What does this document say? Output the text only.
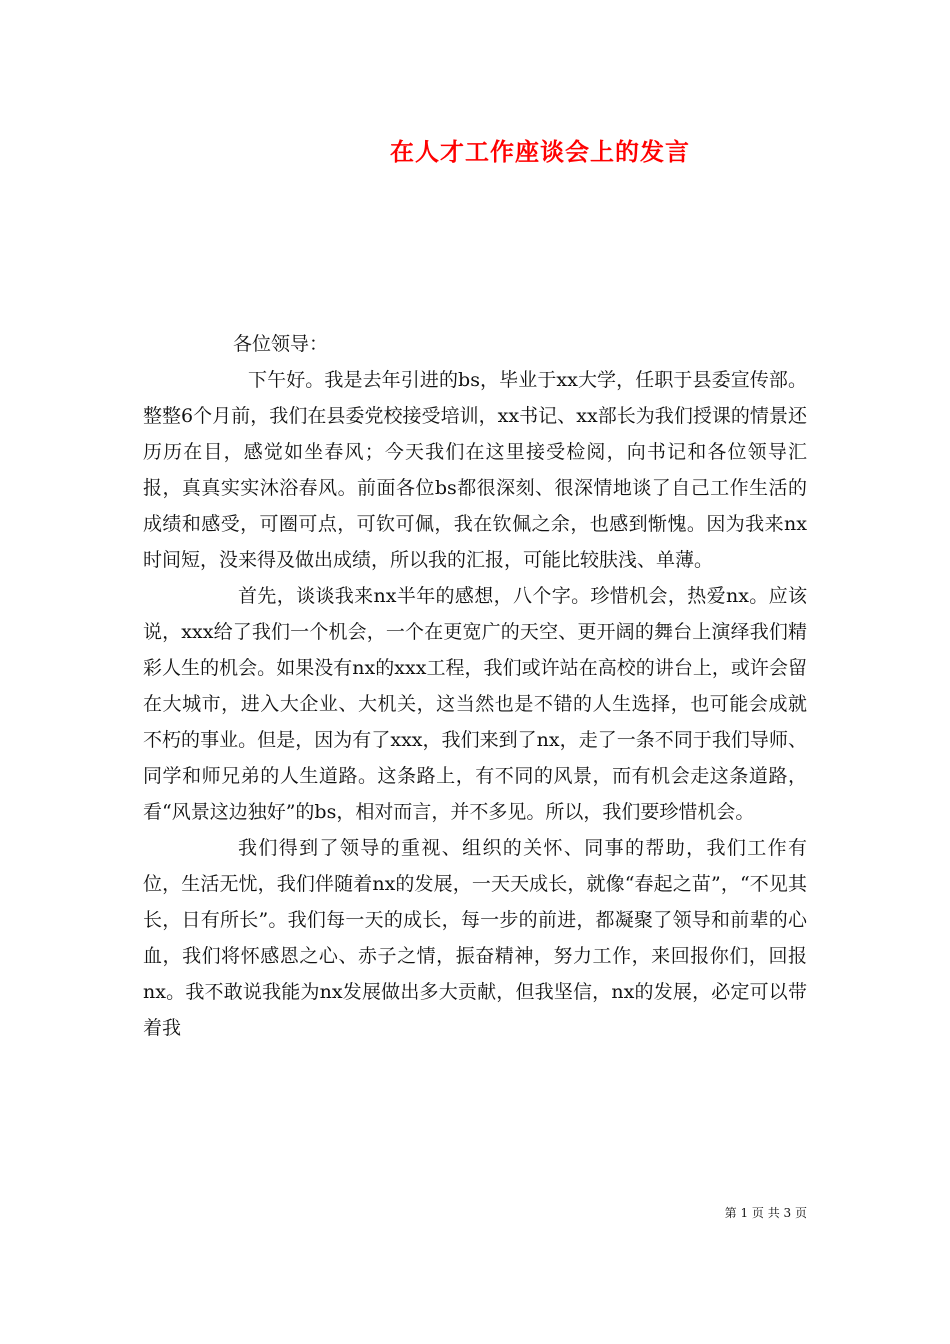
在人才工作座谈会上的发言

各位领导：

下午好。我是去年引进的bs，毕业于xx大学，任职于县委宣传部。整整6个月前，我们在县委党校接受培训，xx书记、xx部长为我们授课的情景还历历在目，感觉如坐春风；今天我们在这里接受检阅，向书记和各位领导汇报，真真实实沐浴春风。前面各位bs都很深刻、很深情地谈了自己工作生活的成绩和感受，可圈可点，可钦可佩，我在钦佩之余，也感到惭愧。因为我来nx时间短，没来得及做出成绩，所以我的汇报，可能比较肤浅、单薄。

首先，谈谈我来nx半年的感想，八个字。珍惜机会，热爱nx。应该说，xxx给了我们一个机会，一个在更宽广的天空、更开阔的舞台上演绎我们精彩人生的机会。如果没有nx的xxx工程，我们或许站在高校的讲台上，或许会留在大城市，进入大企业、大机关，这当然也是不错的人生选择，也可能会成就不朽的事业。但是，因为有了xxx，我们来到了nx，走了一条不同于我们导师、同学和师兄弟的人生道路。这条路上，有不同的风景，而有机会走这条道路，看“风景这边独好”的bs，相对而言，并不多见。所以，我们要珍惜机会。

我们得到了领导的重视、组织的关怀、同事的帮助，我们工作有位，生活无忧，我们伴随着nx的发展，一天天成长，就像“春起之苗”，“不见其长，日有所长”。我们每一天的成长，每一步的前进，都凝聚了领导和前辈的心血，我们将怀感恩之心、赤子之情，振奋精神，努力工作，来回报你们，回报nx。我不敢说我能为nx发展做出多大贡献，但我坚信，nx的发展，必定可以带着我

第 1 页 共 3 页
